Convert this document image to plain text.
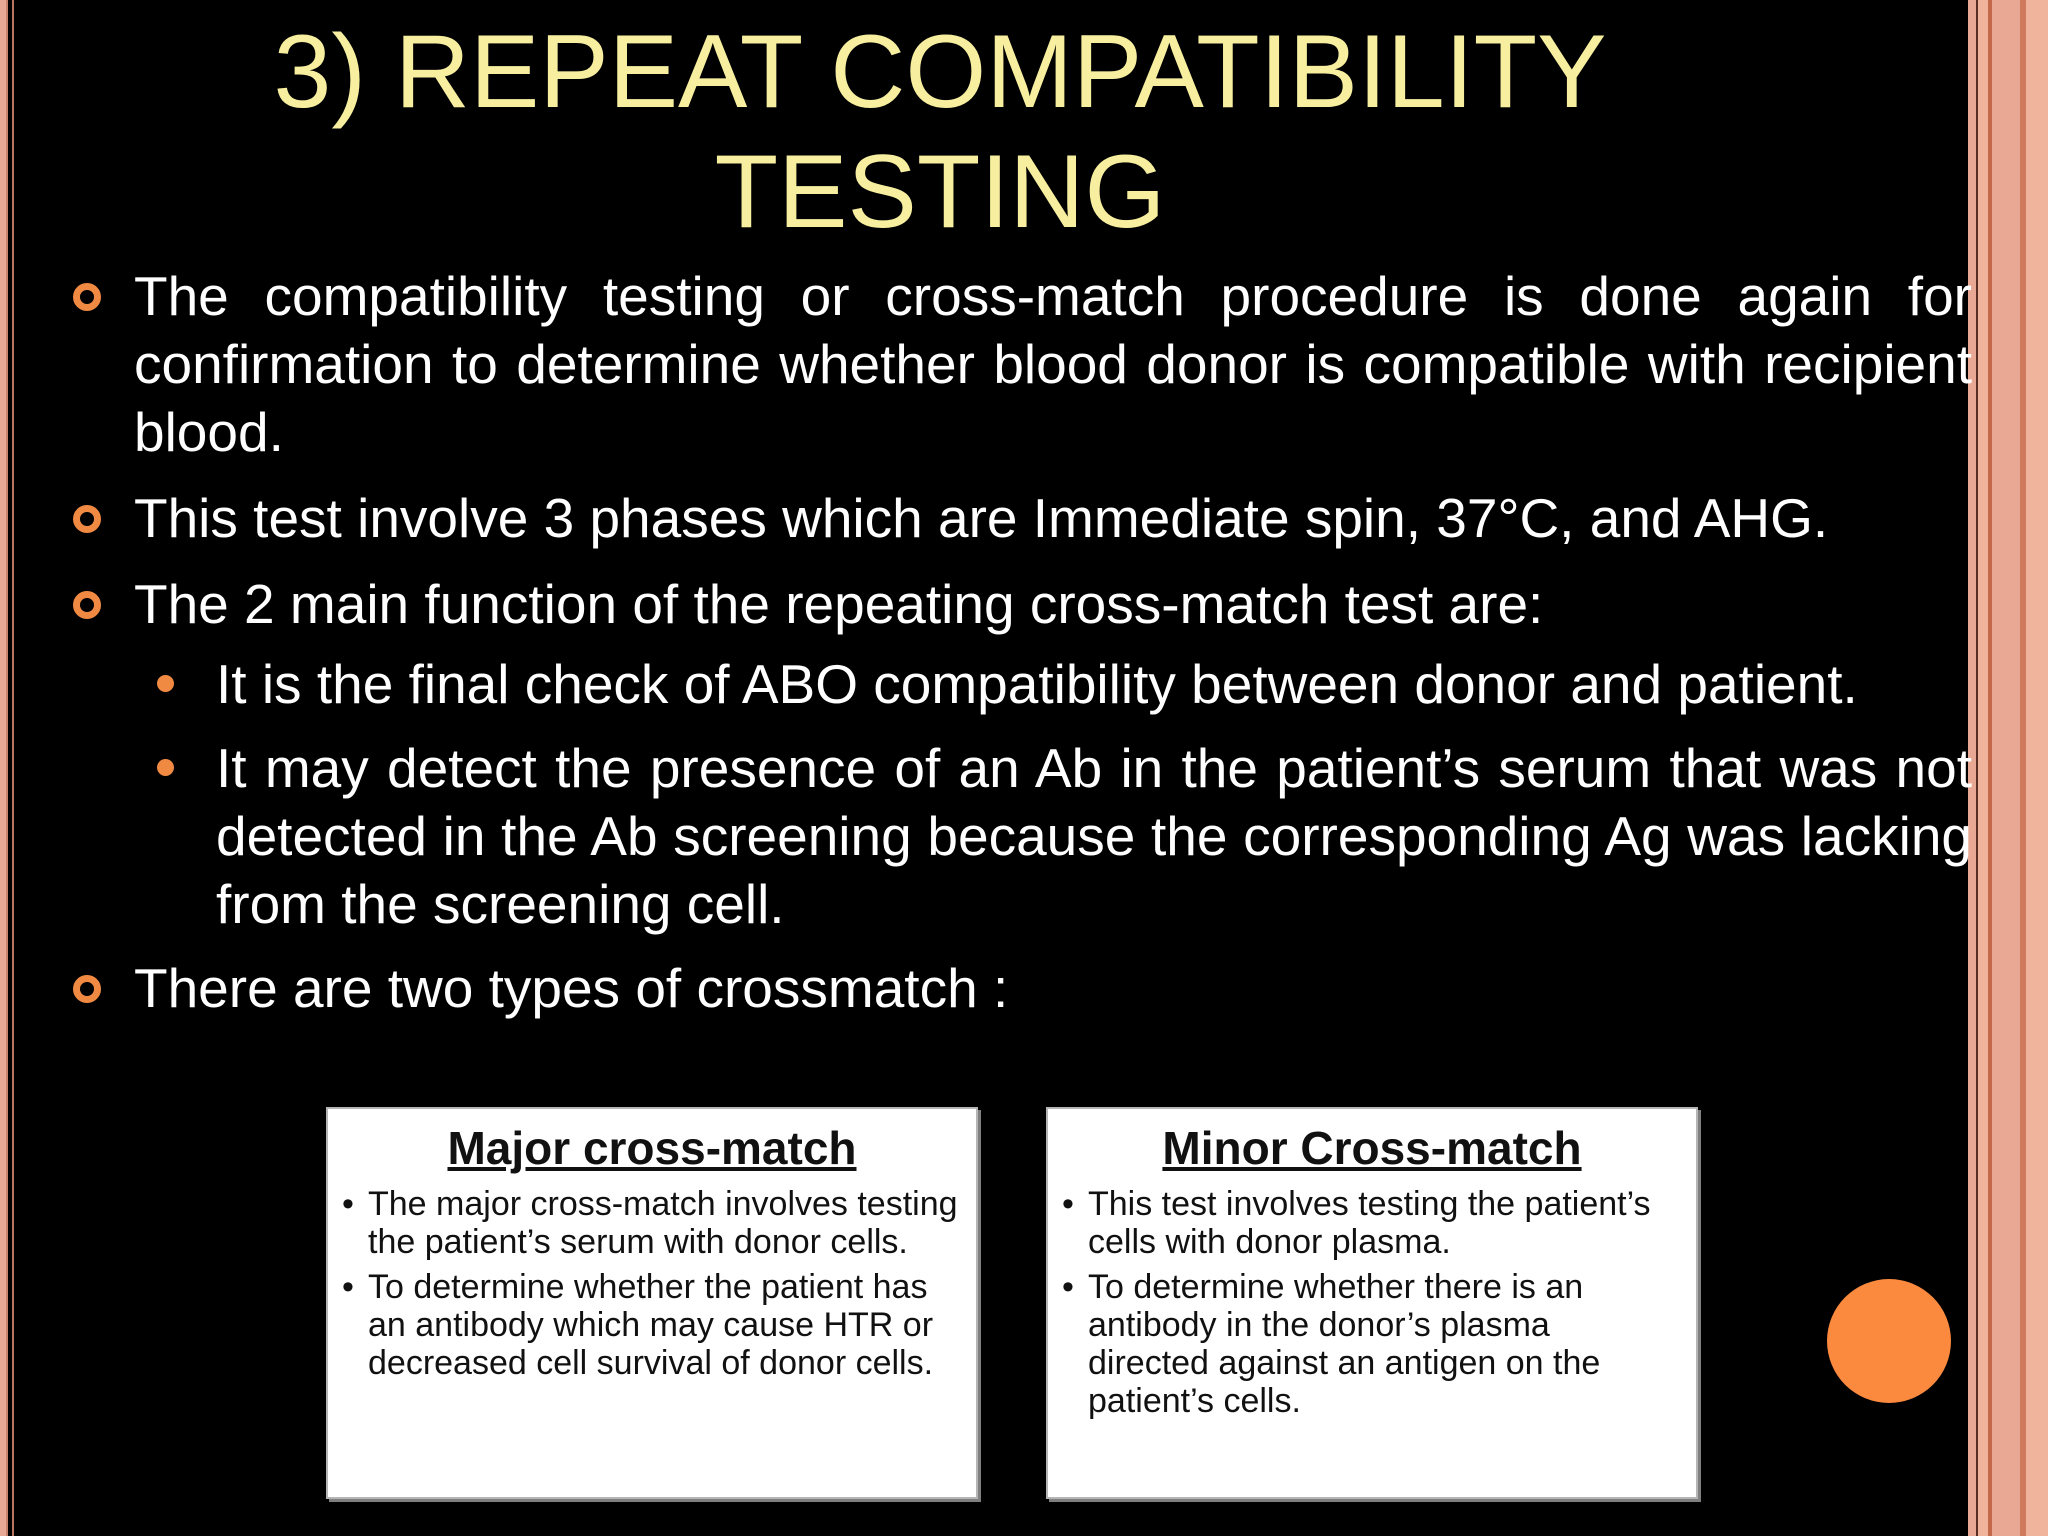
3) REPEAT COMPATIBILITY
TESTING

The compatibility testing or cross-match procedure is done again for confirmation to determine whether blood donor is compatible with recipient blood.

This test involve 3 phases which are Immediate spin, 37°C, and AHG.

The 2 main function of the repeating cross-match test are:

It is the final check of ABO compatibility between donor and patient.

It may detect the presence of an Ab in the patient’s serum that was not detected in the Ab screening because the corresponding Ag was lacking from the screening cell.

There are two types of crossmatch :

Major cross-match
• The major cross-match involves testing the patient’s serum with donor cells.
• To determine whether the patient has an antibody which may cause HTR or decreased cell survival of donor cells.
Minor Cross-match
• This test involves testing the patient’s cells with donor plasma.
• To determine whether there is an antibody in the donor’s plasma directed against an antigen on the patient’s cells.
